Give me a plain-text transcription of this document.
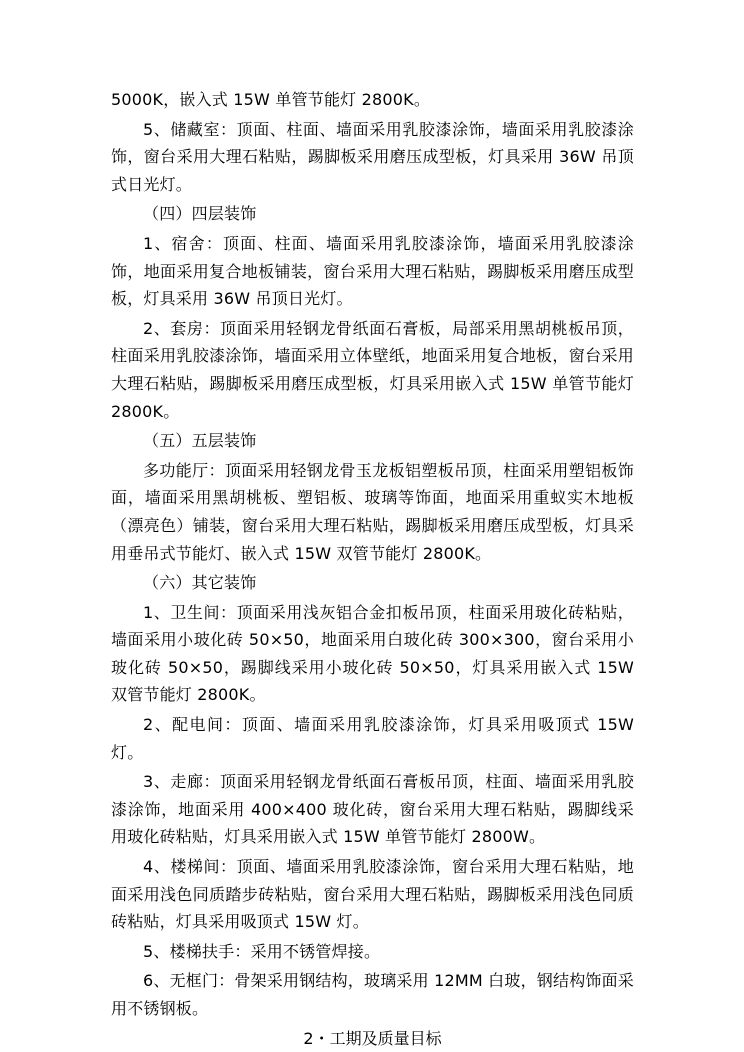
5000K，嵌入式 15W 单管节能灯 2800K。

5、储藏室：顶面、柱面、墙面采用乳胶漆涂饰，墙面采用乳胶漆涂饰，窗台采用大理石粘贴，踢脚板采用磨压成型板，灯具采用 36W 吊顶式日光灯。

（四）四层装饰

1、宿舍：顶面、柱面、墙面采用乳胶漆涂饰，墙面采用乳胶漆涂饰，地面采用复合地板铺装，窗台采用大理石粘贴，踢脚板采用磨压成型板，灯具采用 36W 吊顶日光灯。

2、套房：顶面采用轻钢龙骨纸面石膏板，局部采用黑胡桃板吊顶，柱面采用乳胶漆涂饰，墙面采用立体壁纸，地面采用复合地板，窗台采用大理石粘贴，踢脚板采用磨压成型板，灯具采用嵌入式 15W 单管节能灯 2800K。

（五）五层装饰

多功能厅：顶面采用轻钢龙骨玉龙板铝塑板吊顶，柱面采用塑铝板饰面，墙面采用黑胡桃板、塑铝板、玻璃等饰面，地面采用重蚁实木地板（漂亮色）铺装，窗台采用大理石粘贴，踢脚板采用磨压成型板，灯具采用垂吊式节能灯、嵌入式 15W 双管节能灯 2800K。

（六）其它装饰

1、卫生间：顶面采用浅灰铝合金扣板吊顶，柱面采用玻化砖粘贴，墙面采用小玻化砖 50×50，地面采用白玻化砖 300×300，窗台采用小玻化砖 50×50，踢脚线采用小玻化砖 50×50，灯具采用嵌入式 15W 双管节能灯 2800K。

2、配电间：顶面、墙面采用乳胶漆涂饰，灯具采用吸顶式 15W 灯。

3、走廊：顶面采用轻钢龙骨纸面石膏板吊顶，柱面、墙面采用乳胶漆涂饰，地面采用 400×400 玻化砖，窗台采用大理石粘贴，踢脚线采用玻化砖粘贴，灯具采用嵌入式 15W 单管节能灯 2800W。

4、楼梯间：顶面、墙面采用乳胶漆涂饰，窗台采用大理石粘贴，地面采用浅色同质踏步砖粘贴，窗台采用大理石粘贴，踢脚板采用浅色同质砖粘贴，灯具采用吸顶式 15W 灯。

5、楼梯扶手：采用不锈管焊接。

6、无框门：骨架采用钢结构，玻璃采用 12MM 白玻，钢结构饰面采用不锈钢板。

2・工期及质量目标
